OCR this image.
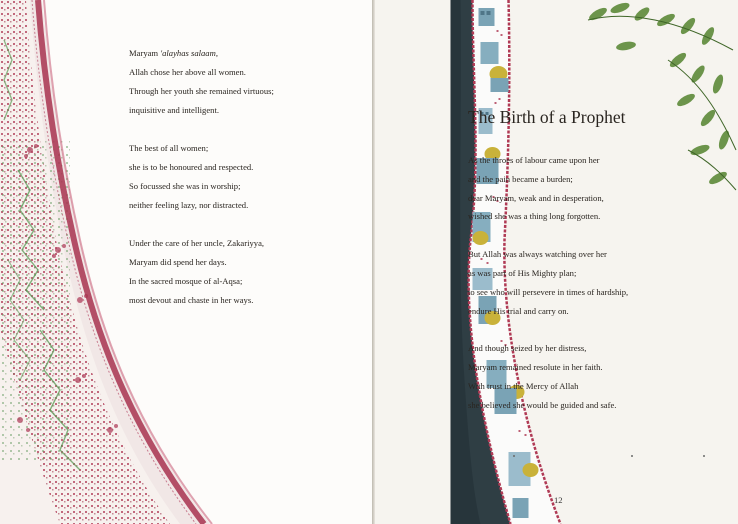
Maryam 'alayhas salaam,
Allah chose her above all women.
Through her youth she remained virtuous;
inquisitive and intelligent.
The best of all women;
she is to be honoured and respected.
So focussed she was in worship;
neither feeling lazy, nor distracted.
Under the care of her uncle, Zakariyya,
Maryam did spend her days.
In the sacred mosque of al-Aqsa;
most devout and chaste in her ways.
The Birth of a Prophet
As the throes of labour came upon her
and the pain became a burden;
dear Maryam, weak and in desperation,
wished she was a thing long forgotten.
But Allah was always watching over her
as was part of His Mighty plan;
to see who will persevere in times of hardship,
endure His trial and carry on.
And though seized by her distress,
Maryam remained resolute in her faith.
With trust in the Mercy of Allah
she believed she would be guided and safe.
12
